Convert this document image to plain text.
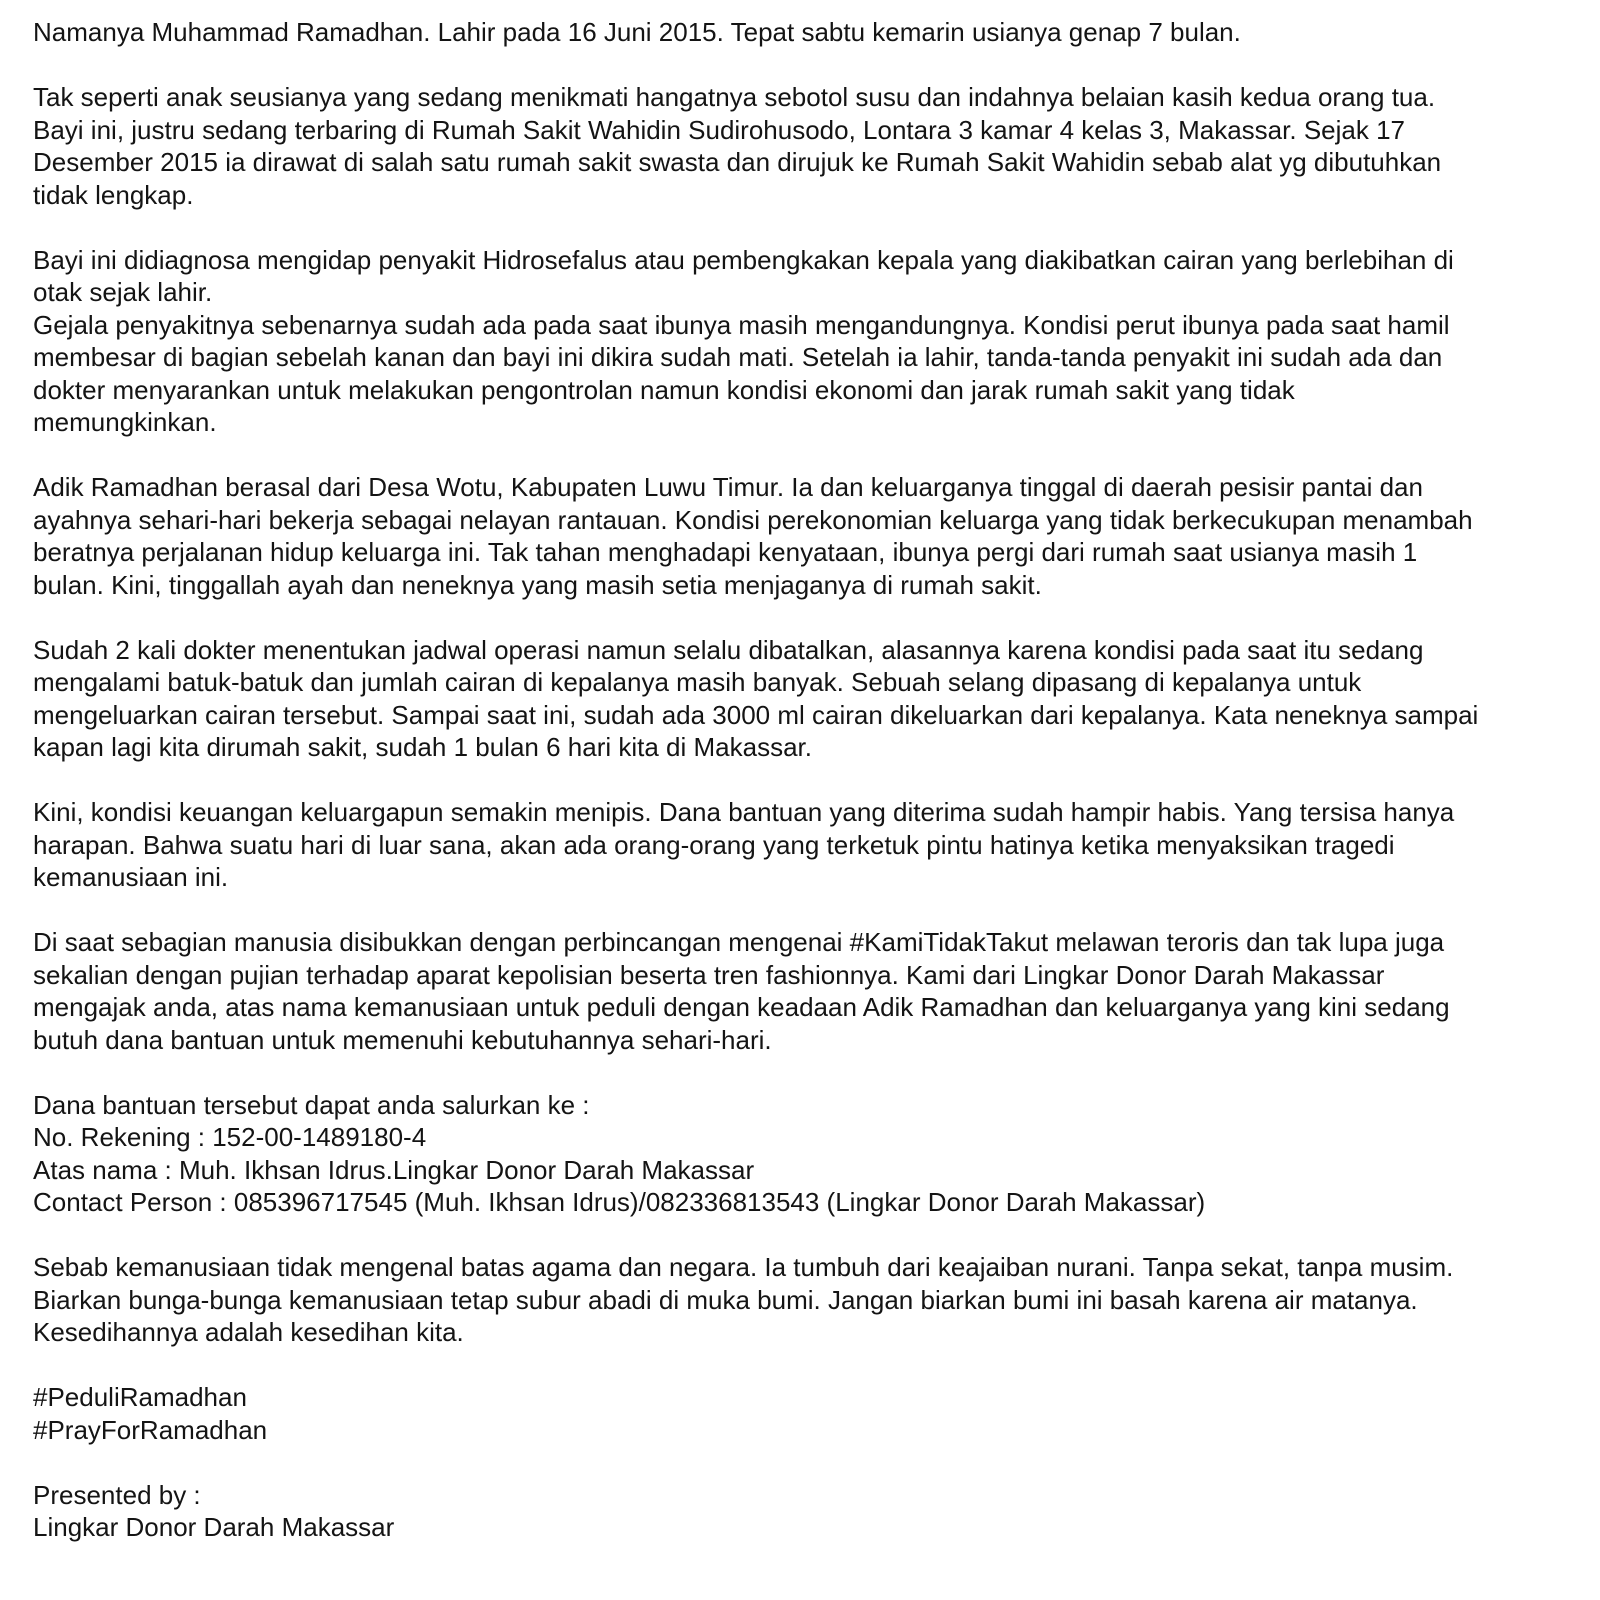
Namanya Muhammad Ramadhan. Lahir pada 16 Juni 2015. Tepat sabtu kemarin usianya genap 7 bulan.

Tak seperti anak seusianya yang sedang menikmati hangatnya sebotol susu dan indahnya belaian kasih kedua orang tua.
Bayi ini, justru sedang terbaring di Rumah Sakit Wahidin Sudirohusodo, Lontara 3 kamar 4 kelas 3, Makassar. Sejak 17
Desember 2015 ia dirawat di salah satu rumah sakit swasta dan dirujuk ke Rumah Sakit Wahidin sebab alat yg dibutuhkan
tidak lengkap.

Bayi ini didiagnosa mengidap penyakit Hidrosefalus atau pembengkakan kepala yang diakibatkan cairan yang berlebihan di
otak sejak lahir.
Gejala penyakitnya sebenarnya sudah ada pada saat ibunya masih mengandungnya. Kondisi perut ibunya pada saat hamil
membesar di bagian sebelah kanan dan bayi ini dikira sudah mati. Setelah ia lahir, tanda-tanda penyakit ini sudah ada dan
dokter menyarankan untuk melakukan pengontrolan namun kondisi ekonomi dan jarak rumah sakit yang tidak
memungkinkan.

Adik Ramadhan berasal dari Desa Wotu, Kabupaten Luwu Timur. Ia dan keluarganya tinggal di daerah pesisir pantai dan
ayahnya sehari-hari bekerja sebagai nelayan rantauan. Kondisi perekonomian keluarga yang tidak berkecukupan menambah
beratnya perjalanan hidup keluarga ini. Tak tahan menghadapi kenyataan, ibunya pergi dari rumah saat usianya masih 1
bulan. Kini, tinggallah ayah dan neneknya yang masih setia menjaganya di rumah sakit.

Sudah 2 kali dokter menentukan jadwal operasi namun selalu dibatalkan, alasannya karena kondisi pada saat itu sedang
mengalami batuk-batuk dan jumlah cairan di kepalanya masih banyak. Sebuah selang dipasang di kepalanya untuk
mengeluarkan cairan tersebut. Sampai saat ini, sudah ada 3000 ml cairan dikeluarkan dari kepalanya. Kata neneknya sampai
kapan lagi kita dirumah sakit, sudah 1 bulan 6 hari kita di Makassar.

Kini, kondisi keuangan keluargapun semakin menipis. Dana bantuan yang diterima sudah hampir habis. Yang tersisa hanya
harapan. Bahwa suatu hari di luar sana, akan ada orang-orang yang terketuk pintu hatinya ketika menyaksikan tragedi
kemanusiaan ini.

Di saat sebagian manusia disibukkan dengan perbincangan mengenai #KamiTidakTakut melawan teroris dan tak lupa juga
sekalian dengan pujian terhadap aparat kepolisian beserta tren fashionnya. Kami dari Lingkar Donor Darah Makassar
mengajak anda, atas nama kemanusiaan untuk peduli dengan keadaan Adik Ramadhan dan keluarganya yang kini sedang
butuh dana bantuan untuk memenuhi kebutuhannya sehari-hari.

Dana bantuan tersebut dapat anda salurkan ke :
No. Rekening : 152-00-1489180-4
Atas nama : Muh. Ikhsan Idrus.Lingkar Donor Darah Makassar
Contact Person : 085396717545 (Muh. Ikhsan Idrus)/082336813543 (Lingkar Donor Darah Makassar)

Sebab kemanusiaan tidak mengenal batas agama dan negara. Ia tumbuh dari keajaiban nurani. Tanpa sekat, tanpa musim.
Biarkan bunga-bunga kemanusiaan tetap subur abadi di muka bumi. Jangan biarkan bumi ini basah karena air matanya.
Kesedihannya adalah kesedihan kita.

#PeduliRamadhan
#PrayForRamadhan

Presented by :
Lingkar Donor Darah Makassar
